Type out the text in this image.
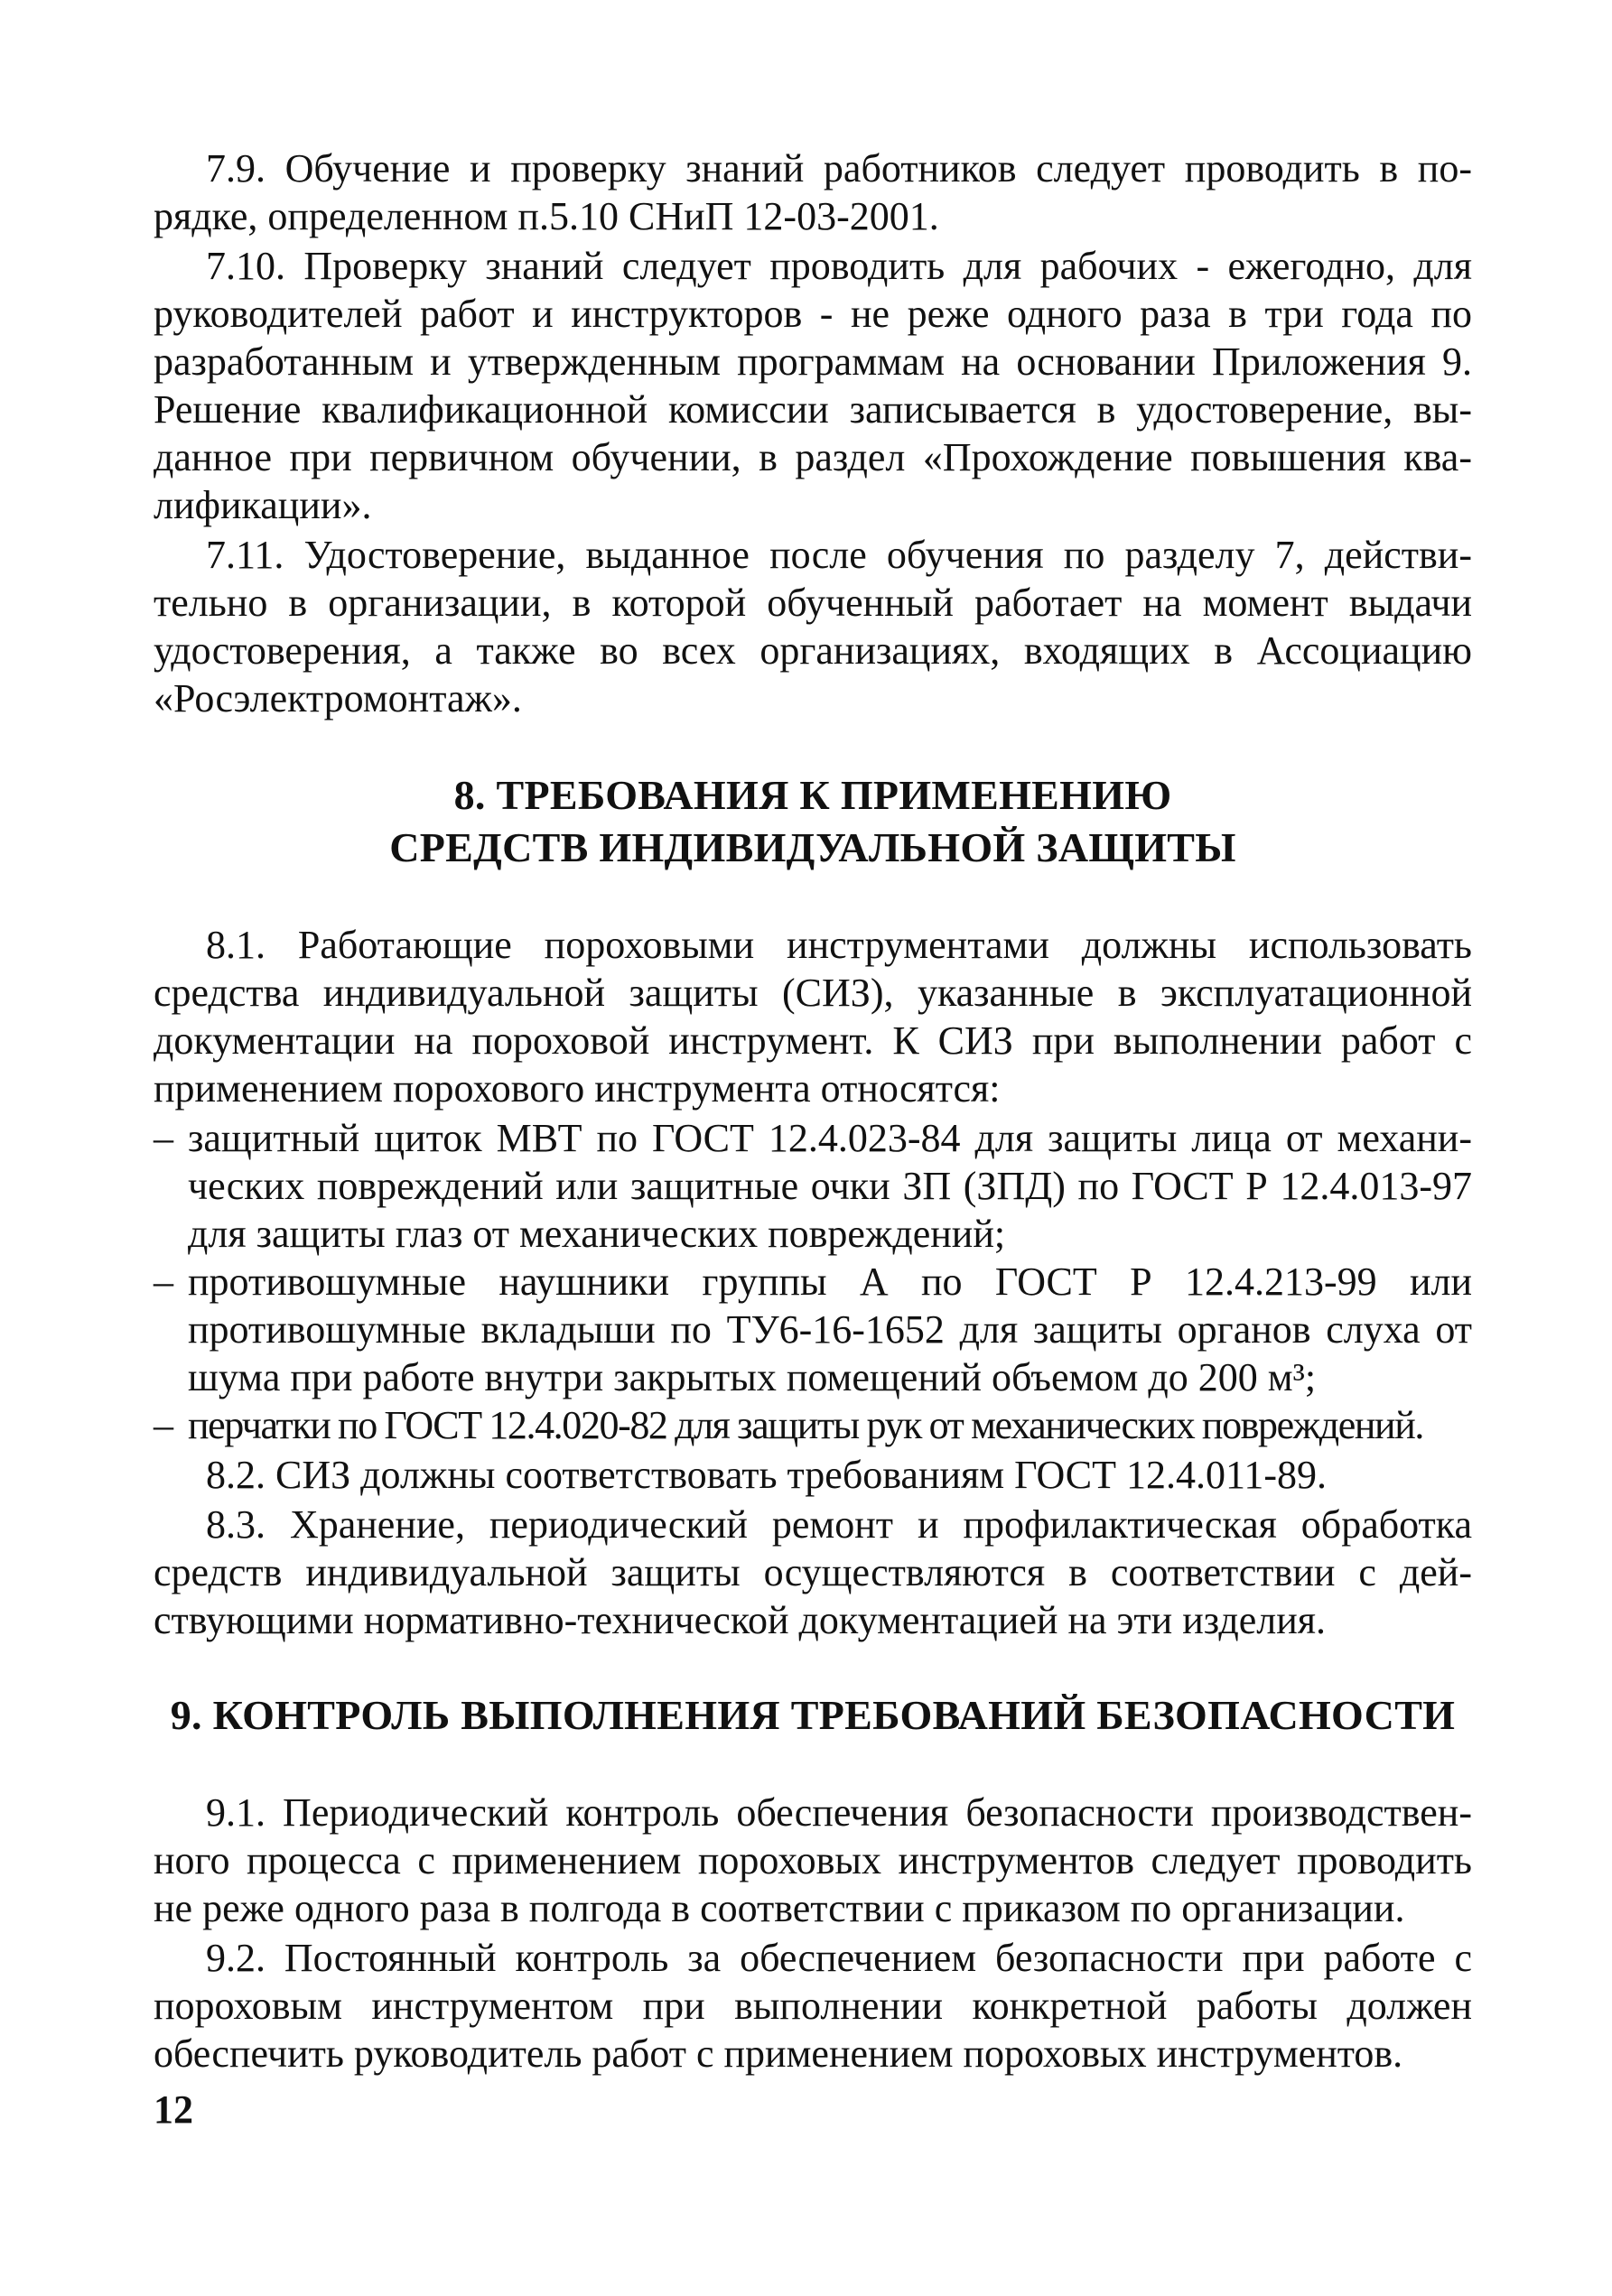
7.9. Обучение и проверку знаний работников следует проводить в порядке, определенном п.5.10 СНиП 12-03-2001.

7.10. Проверку знаний следует проводить для рабочих - ежегодно, для руководителей работ и инструкторов - не реже одного раза в три года по разработанным и утвержденным программам на основании Приложения 9. Решение квалификационной комиссии записывается в удостоверение, выданное при первичном обучении, в раздел «Прохождение повышения квалификации».

7.11. Удостоверение, выданное после обучения по разделу 7, действительно в организации, в которой обученный работает на момент выдачи удостоверения, а также во всех организациях, входящих в Ассоциацию «Росэлектромонтаж».

8. ТРЕБОВАНИЯ К ПРИМЕНЕНИЮ
СРЕДСТВ ИНДИВИДУАЛЬНОЙ ЗАЩИТЫ

8.1. Работающие пороховыми инструментами должны использовать средства индивидуальной защиты (СИЗ), указанные в эксплуатационной документации на пороховой инструмент. К СИЗ при выполнении работ с применением порохового инструмента относятся:

– защитный щиток МВТ по ГОСТ 12.4.023-84 для защиты лица от механических повреждений или защитные очки ЗП (ЗПД) по ГОСТ Р 12.4.013-97 для защиты глаз от механических повреждений;
– противошумные наушники группы А по ГОСТ Р 12.4.213-99 или противошумные вкладыши по ТУ6-16-1652 для защиты органов слуха от шума при работе внутри закрытых помещений объемом до 200 м³;
– перчатки по ГОСТ 12.4.020-82 для защиты рук от механических повреждений.

8.2. СИЗ должны соответствовать требованиям ГОСТ 12.4.011-89.

8.3. Хранение, периодический ремонт и профилактическая обработка средств индивидуальной защиты осуществляются в соответствии с действующими нормативно-технической документацией на эти изделия.

9. КОНТРОЛЬ ВЫПОЛНЕНИЯ ТРЕБОВАНИЙ БЕЗОПАСНОСТИ

9.1. Периодический контроль обеспечения безопасности производственного процесса с применением пороховых инструментов следует проводить не реже одного раза в полгода в соответствии с приказом по организации.

9.2. Постоянный контроль за обеспечением безопасности при работе с пороховым инструментом при выполнении конкретной работы должен обеспечить руководитель работ с применением пороховых инструментов.

12
